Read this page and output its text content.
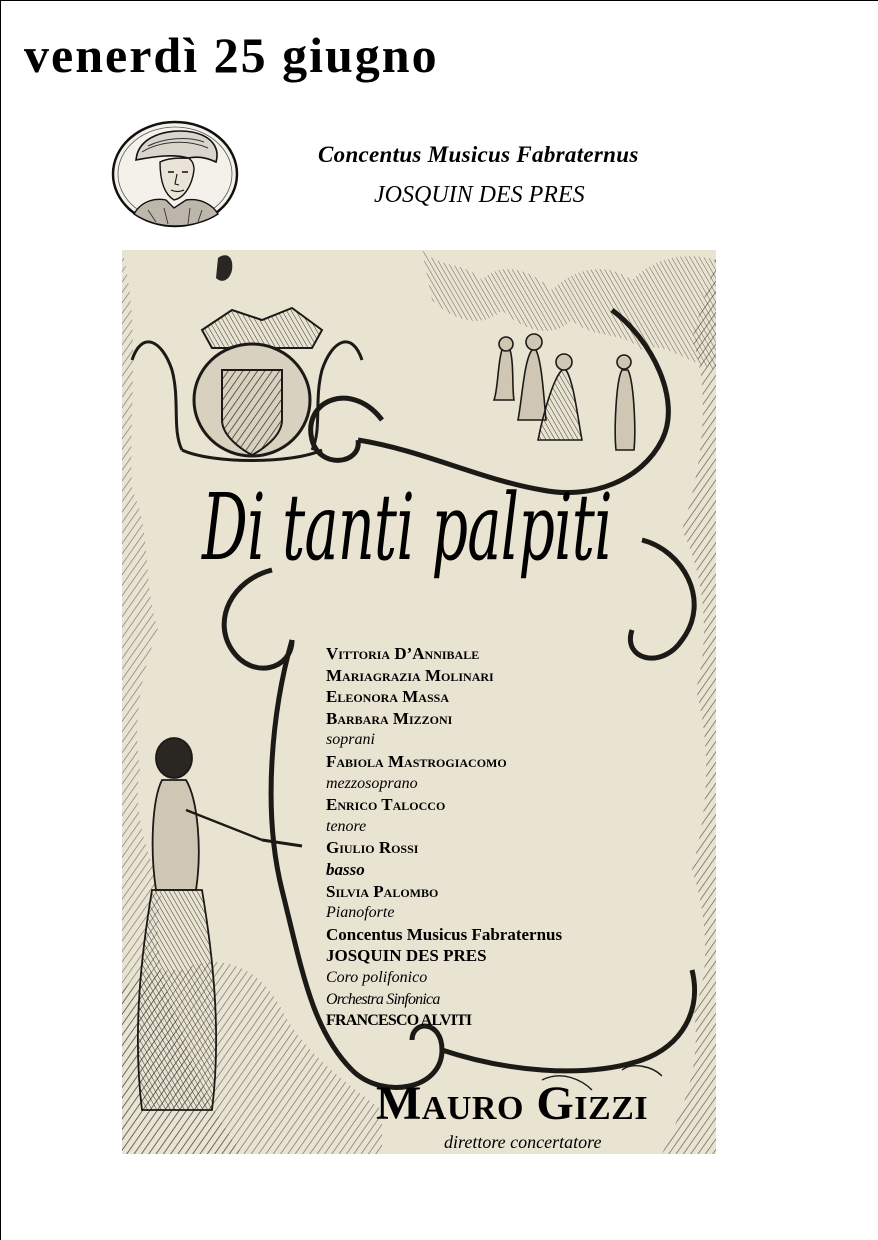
venerdì 25 giugno
Concentus Musicus Fabraternus
JOSQUIN DES PRES
Di tanti palpiti
Vittoria D’Annibale
Mariagrazia Molinari
Eleonora Massa
Barbara Mizzoni
soprani
Fabiola Mastrogiacomo
mezzosoprano
Enrico Talocco
tenore
Giulio Rossi
basso
Silvia Palombo
Pianoforte
Concentus Musicus Fabraternus
JOSQUIN DES PRES
Coro polifonico
Orchestra Sinfonica
FRANCESCO ALVITI
Mauro Gizzi
direttore concertatore
